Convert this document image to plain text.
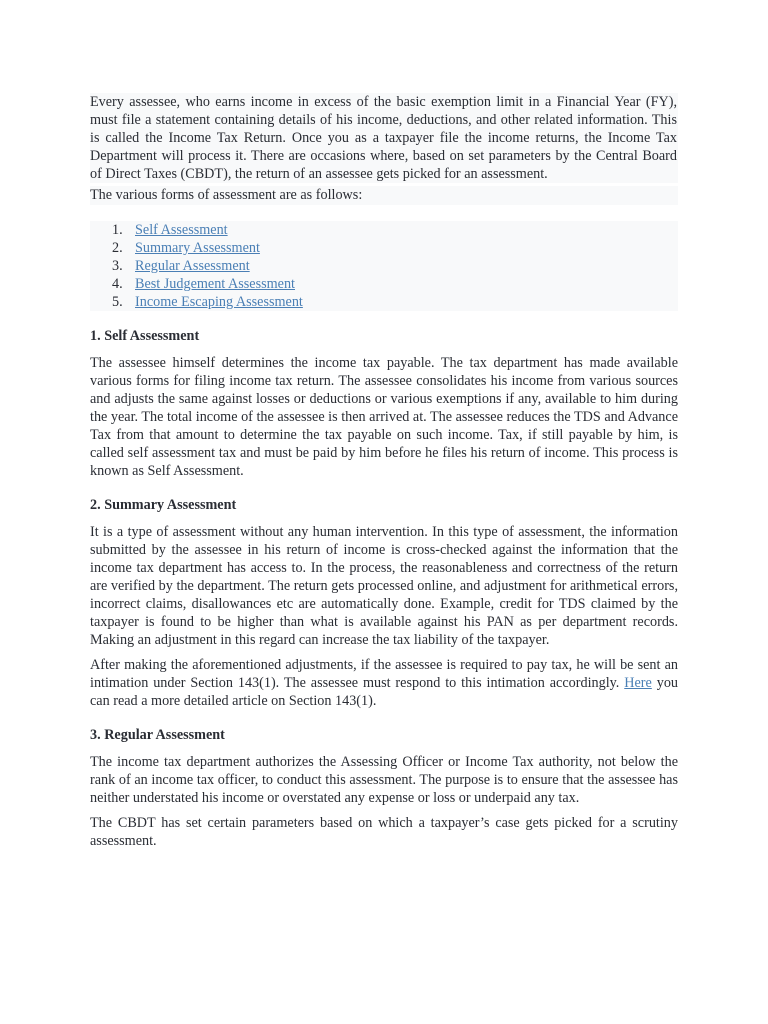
Every assessee, who earns income in excess of the basic exemption limit in a Financial Year (FY), must file a statement containing details of his income, deductions, and other related information. This is called the Income Tax Return. Once you as a taxpayer file the income returns, the Income Tax Department will process it. There are occasions where, based on set parameters by the Central Board of Direct Taxes (CBDT), the return of an assessee gets picked for an assessment.

The various forms of assessment are as follows:

1. Self Assessment
2. Summary Assessment
3. Regular Assessment
4. Best Judgement Assessment
5. Income Escaping Assessment
1. Self Assessment

The assessee himself determines the income tax payable. The tax department has made available various forms for filing income tax return. The assessee consolidates his income from various sources and adjusts the same against losses or deductions or various exemptions if any, available to him during the year. The total income of the assessee is then arrived at. The assessee reduces the TDS and Advance Tax from that amount to determine the tax payable on such income. Tax, if still payable by him, is called self assessment tax and must be paid by him before he files his return of income. This process is known as Self Assessment.

2. Summary Assessment

It is a type of assessment without any human intervention. In this type of assessment, the information submitted by the assessee in his return of income is cross-checked against the information that the income tax department has access to. In the process, the reasonableness and correctness of the return are verified by the department. The return gets processed online, and adjustment for arithmetical errors, incorrect claims, disallowances etc are automatically done. Example, credit for TDS claimed by the taxpayer is found to be higher than what is available against his PAN as per department records. Making an adjustment in this regard can increase the tax liability of the taxpayer.

After making the aforementioned adjustments, if the assessee is required to pay tax, he will be sent an intimation under Section 143(1). The assessee must respond to this intimation accordingly. Here you can read a more detailed article on Section 143(1).

3. Regular Assessment

The income tax department authorizes the Assessing Officer or Income Tax authority, not below the rank of an income tax officer, to conduct this assessment. The purpose is to ensure that the assessee has neither understated his income or overstated any expense or loss or underpaid any tax.

The CBDT has set certain parameters based on which a taxpayer’s case gets picked for a scrutiny assessment.
